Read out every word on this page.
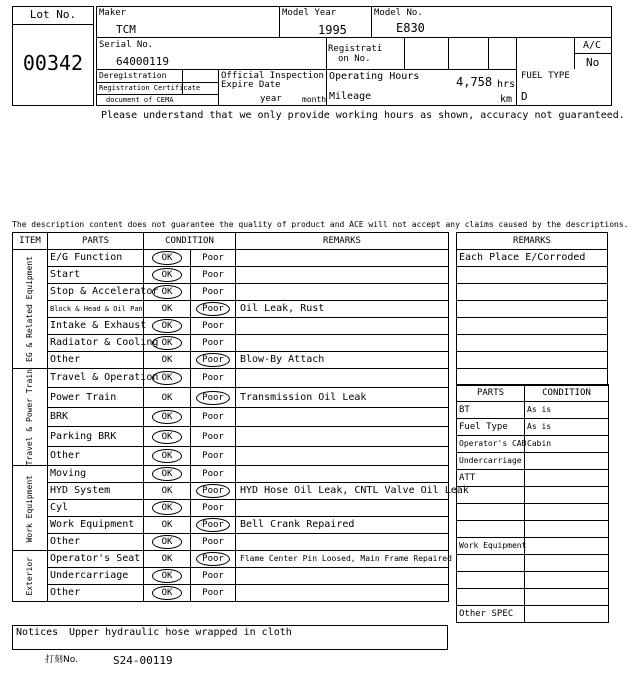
Lot No.
00342
Maker
TCM
Model Year
1995
Model No.
E830
Serial No.
64000119
Registrati
on No.
A/C
No
Deregistration
Registration Certificate
document of CEMA
Official Inspection
Expire Date
year	month
Operating Hours	4,758 hrs
Mileage	km
FUEL TYPE
D
Please understand that we only provide working hours as shown, accuracy not guaranteed.
The description content does not guarantee the quality of product and ACE will not accept any claims caused by the descriptions.
ITEM	PARTS	CONDITION		REMARKS

EG & Related Equipment	E/G Function	OK	Poor	
	Start	OK	Poor	
	Stop & Accelerator	OK	Poor	
	Block & Head & Oil Pan	OK	Poor	Oil Leak, Rust
	Intake & Exhaust	OK	Poor	
	Radiator & Cooling	OK	Poor	
	Other	OK	Poor	Blow-By Attach

Travel & Power Train	Travel & Operation	OK	Poor	
	Power Train	OK	Poor	Transmission Oil Leak
	BRK	OK	Poor	
	Parking BRK	OK	Poor	
	Other	OK	Poor	

Work Equipment	Moving	OK	Poor	
	HYD System	OK	Poor	HYD Hose Oil Leak, CNTL Valve Oil Leak
	Cyl	OK	Poor	
	Work Equipment	OK	Poor	Bell Crank Repaired
	Other	OK	Poor	

Exterior	Operator's Seat	OK	Poor	Flame Center Pin Loosed, Main Frame Repaired
	Undercarriage	OK	Poor	
	Other	OK	Poor	
REMARKS
Each Place E/Corroded

PARTS	CONDITION
BT	As is
Fuel Type	As is
Operator's CAB	Cabin
Undercarriage	
ATT	

Work Equipment	

Other SPEC	
Notices Upper hydraulic hose wrapped in cloth
打刻No.	S24-00119
